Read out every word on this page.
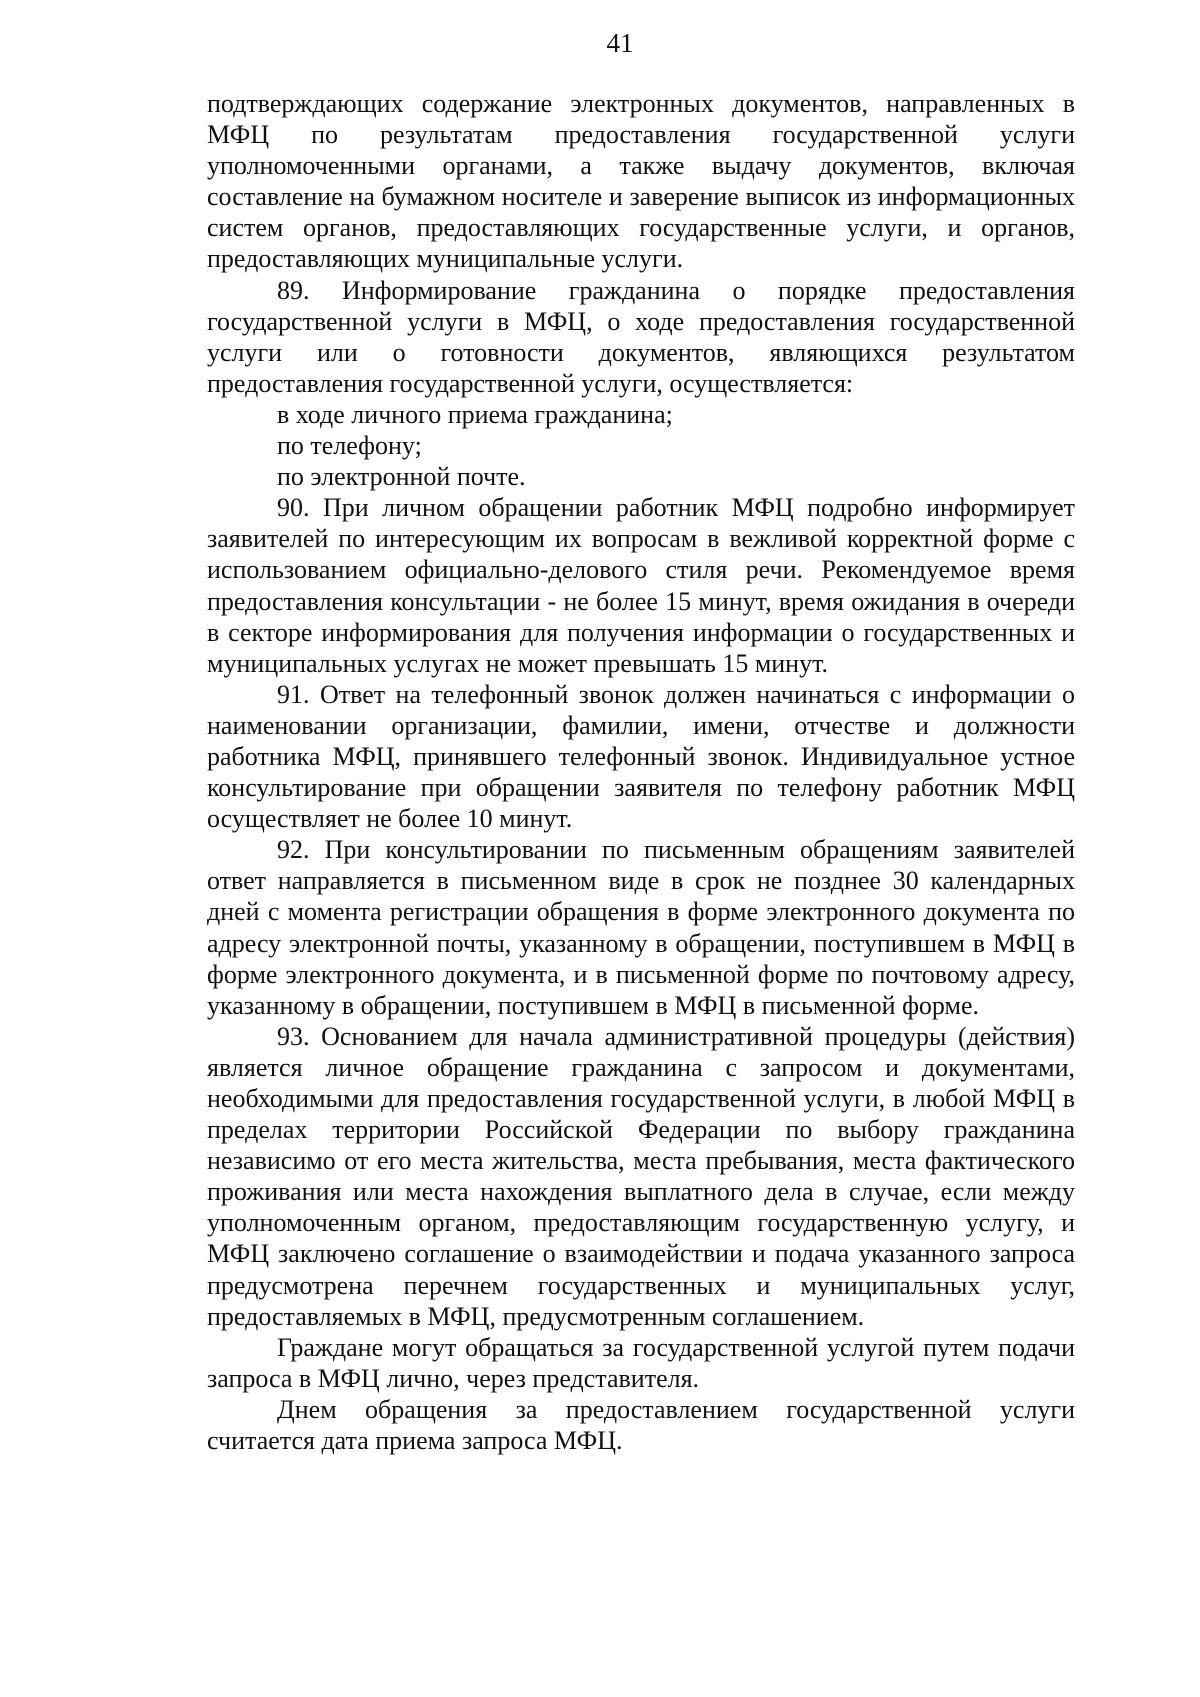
41

подтверждающих содержание электронных документов, направленных в МФЦ по результатам предоставления государственной услуги уполномоченными органами, а также выдачу документов, включая составление на бумажном носителе и заверение выписок из информационных систем органов, предоставляющих государственные услуги, и органов, предоставляющих муниципальные услуги.

89. Информирование гражданина о порядке предоставления государственной услуги в МФЦ, о ходе предоставления государственной услуги или о готовности документов, являющихся результатом предоставления государственной услуги, осуществляется:

в ходе личного приема гражданина;

по телефону;

по электронной почте.

90. При личном обращении работник МФЦ подробно информирует заявителей по интересующим их вопросам в вежливой корректной форме с использованием официально-делового стиля речи. Рекомендуемое время предоставления консультации - не более 15 минут, время ожидания в очереди в секторе информирования для получения информации о государственных и муниципальных услугах не может превышать 15 минут.

91. Ответ на телефонный звонок должен начинаться с информации о наименовании организации, фамилии, имени, отчестве и должности работника МФЦ, принявшего телефонный звонок. Индивидуальное устное консультирование при обращении заявителя по телефону работник МФЦ осуществляет не более 10 минут.

92. При консультировании по письменным обращениям заявителей ответ направляется в письменном виде в срок не позднее 30 календарных дней с момента регистрации обращения в форме электронного документа по адресу электронной почты, указанному в обращении, поступившем в МФЦ в форме электронного документа, и в письменной форме по почтовому адресу, указанному в обращении, поступившем в МФЦ в письменной форме.

93. Основанием для начала административной процедуры (действия) является личное обращение гражданина с запросом и документами, необходимыми для предоставления государственной услуги, в любой МФЦ в пределах территории Российской Федерации по выбору гражданина независимо от его места жительства, места пребывания, места фактического проживания или места нахождения выплатного дела в случае, если между уполномоченным органом, предоставляющим государственную услугу, и МФЦ заключено соглашение о взаимодействии и подача указанного запроса предусмотрена перечнем государственных и муниципальных услуг, предоставляемых в МФЦ, предусмотренным соглашением.

Граждане могут обращаться за государственной услугой путем подачи запроса в МФЦ лично, через представителя.

Днем обращения за предоставлением государственной услуги считается дата приема запроса МФЦ.
